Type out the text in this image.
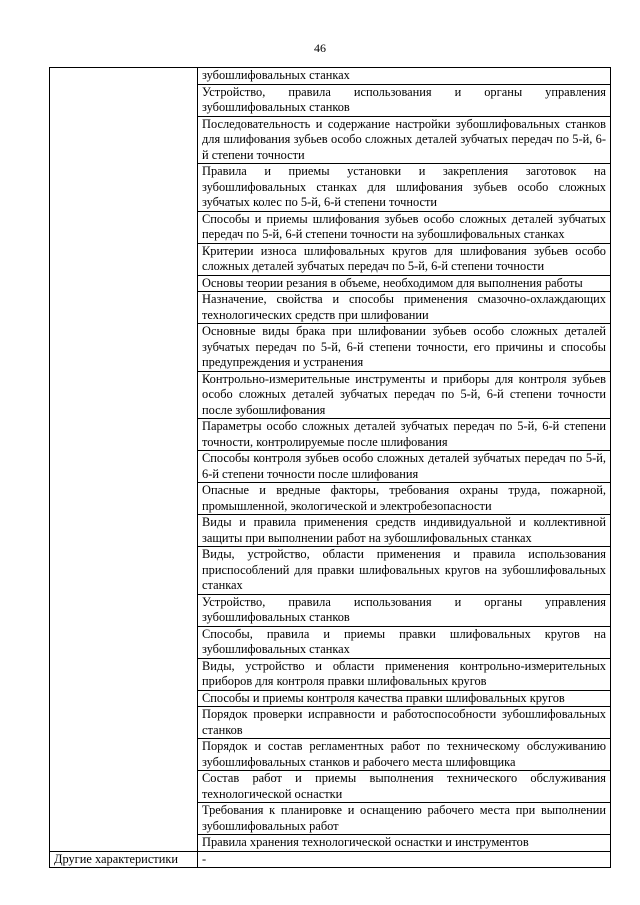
46
	зубошлифовальных станках
	Устройство, правила использования и органы управления зубошлифовальных станков
	Последовательность и содержание настройки зубошлифовальных станков для шлифования зубьев особо сложных деталей зубчатых передач по 5-й, 6-й степени точности
	Правила и приемы установки и закрепления заготовок на зубошлифовальных станках для шлифования зубьев особо сложных зубчатых колес по 5-й, 6-й степени точности
	Способы и приемы шлифования зубьев особо сложных деталей зубчатых передач по 5-й, 6-й степени точности на зубошлифовальных станках
	Критерии износа шлифовальных кругов для шлифования зубьев особо сложных деталей зубчатых передач по 5-й, 6-й степени точности
	Основы теории резания в объеме, необходимом для выполнения работы
	Назначение, свойства и способы применения смазочно-охлаждающих технологических средств при шлифовании
	Основные виды брака при шлифовании зубьев особо сложных деталей зубчатых передач по 5-й, 6-й степени точности, его причины и способы предупреждения и устранения
	Контрольно-измерительные инструменты и приборы для контроля зубьев особо сложных деталей зубчатых передач по 5-й, 6-й степени точности после зубошлифования
	Параметры особо сложных деталей зубчатых передач по 5-й, 6-й степени точности, контролируемые после шлифования
	Способы контроля зубьев особо сложных деталей зубчатых передач по 5-й, 6-й степени точности после шлифования
	Опасные и вредные факторы, требования охраны труда, пожарной, промышленной, экологической и электробезопасности
	Виды и правила применения средств индивидуальной и коллективной защиты при выполнении работ на зубошлифовальных станках
	Виды, устройство, области применения и правила использования приспособлений для правки шлифовальных кругов на зубошлифовальных станках
	Устройство, правила использования и органы управления зубошлифовальных станков
	Способы, правила и приемы правки шлифовальных кругов на зубошлифовальных станках
	Виды, устройство и области применения контрольно-измерительных приборов для контроля правки шлифовальных кругов
	Способы и приемы контроля качества правки шлифовальных кругов
	Порядок проверки исправности и работоспособности зубошлифовальных станков
	Порядок и состав регламентных работ по техническому обслуживанию зубошлифовальных станков и рабочего места шлифовщика
	Состав работ и приемы выполнения технического обслуживания технологической оснастки
	Требования к планировке и оснащению рабочего места при выполнении зубошлифовальных работ
	Правила хранения технологической оснастки и инструментов
Другие характеристики	-
